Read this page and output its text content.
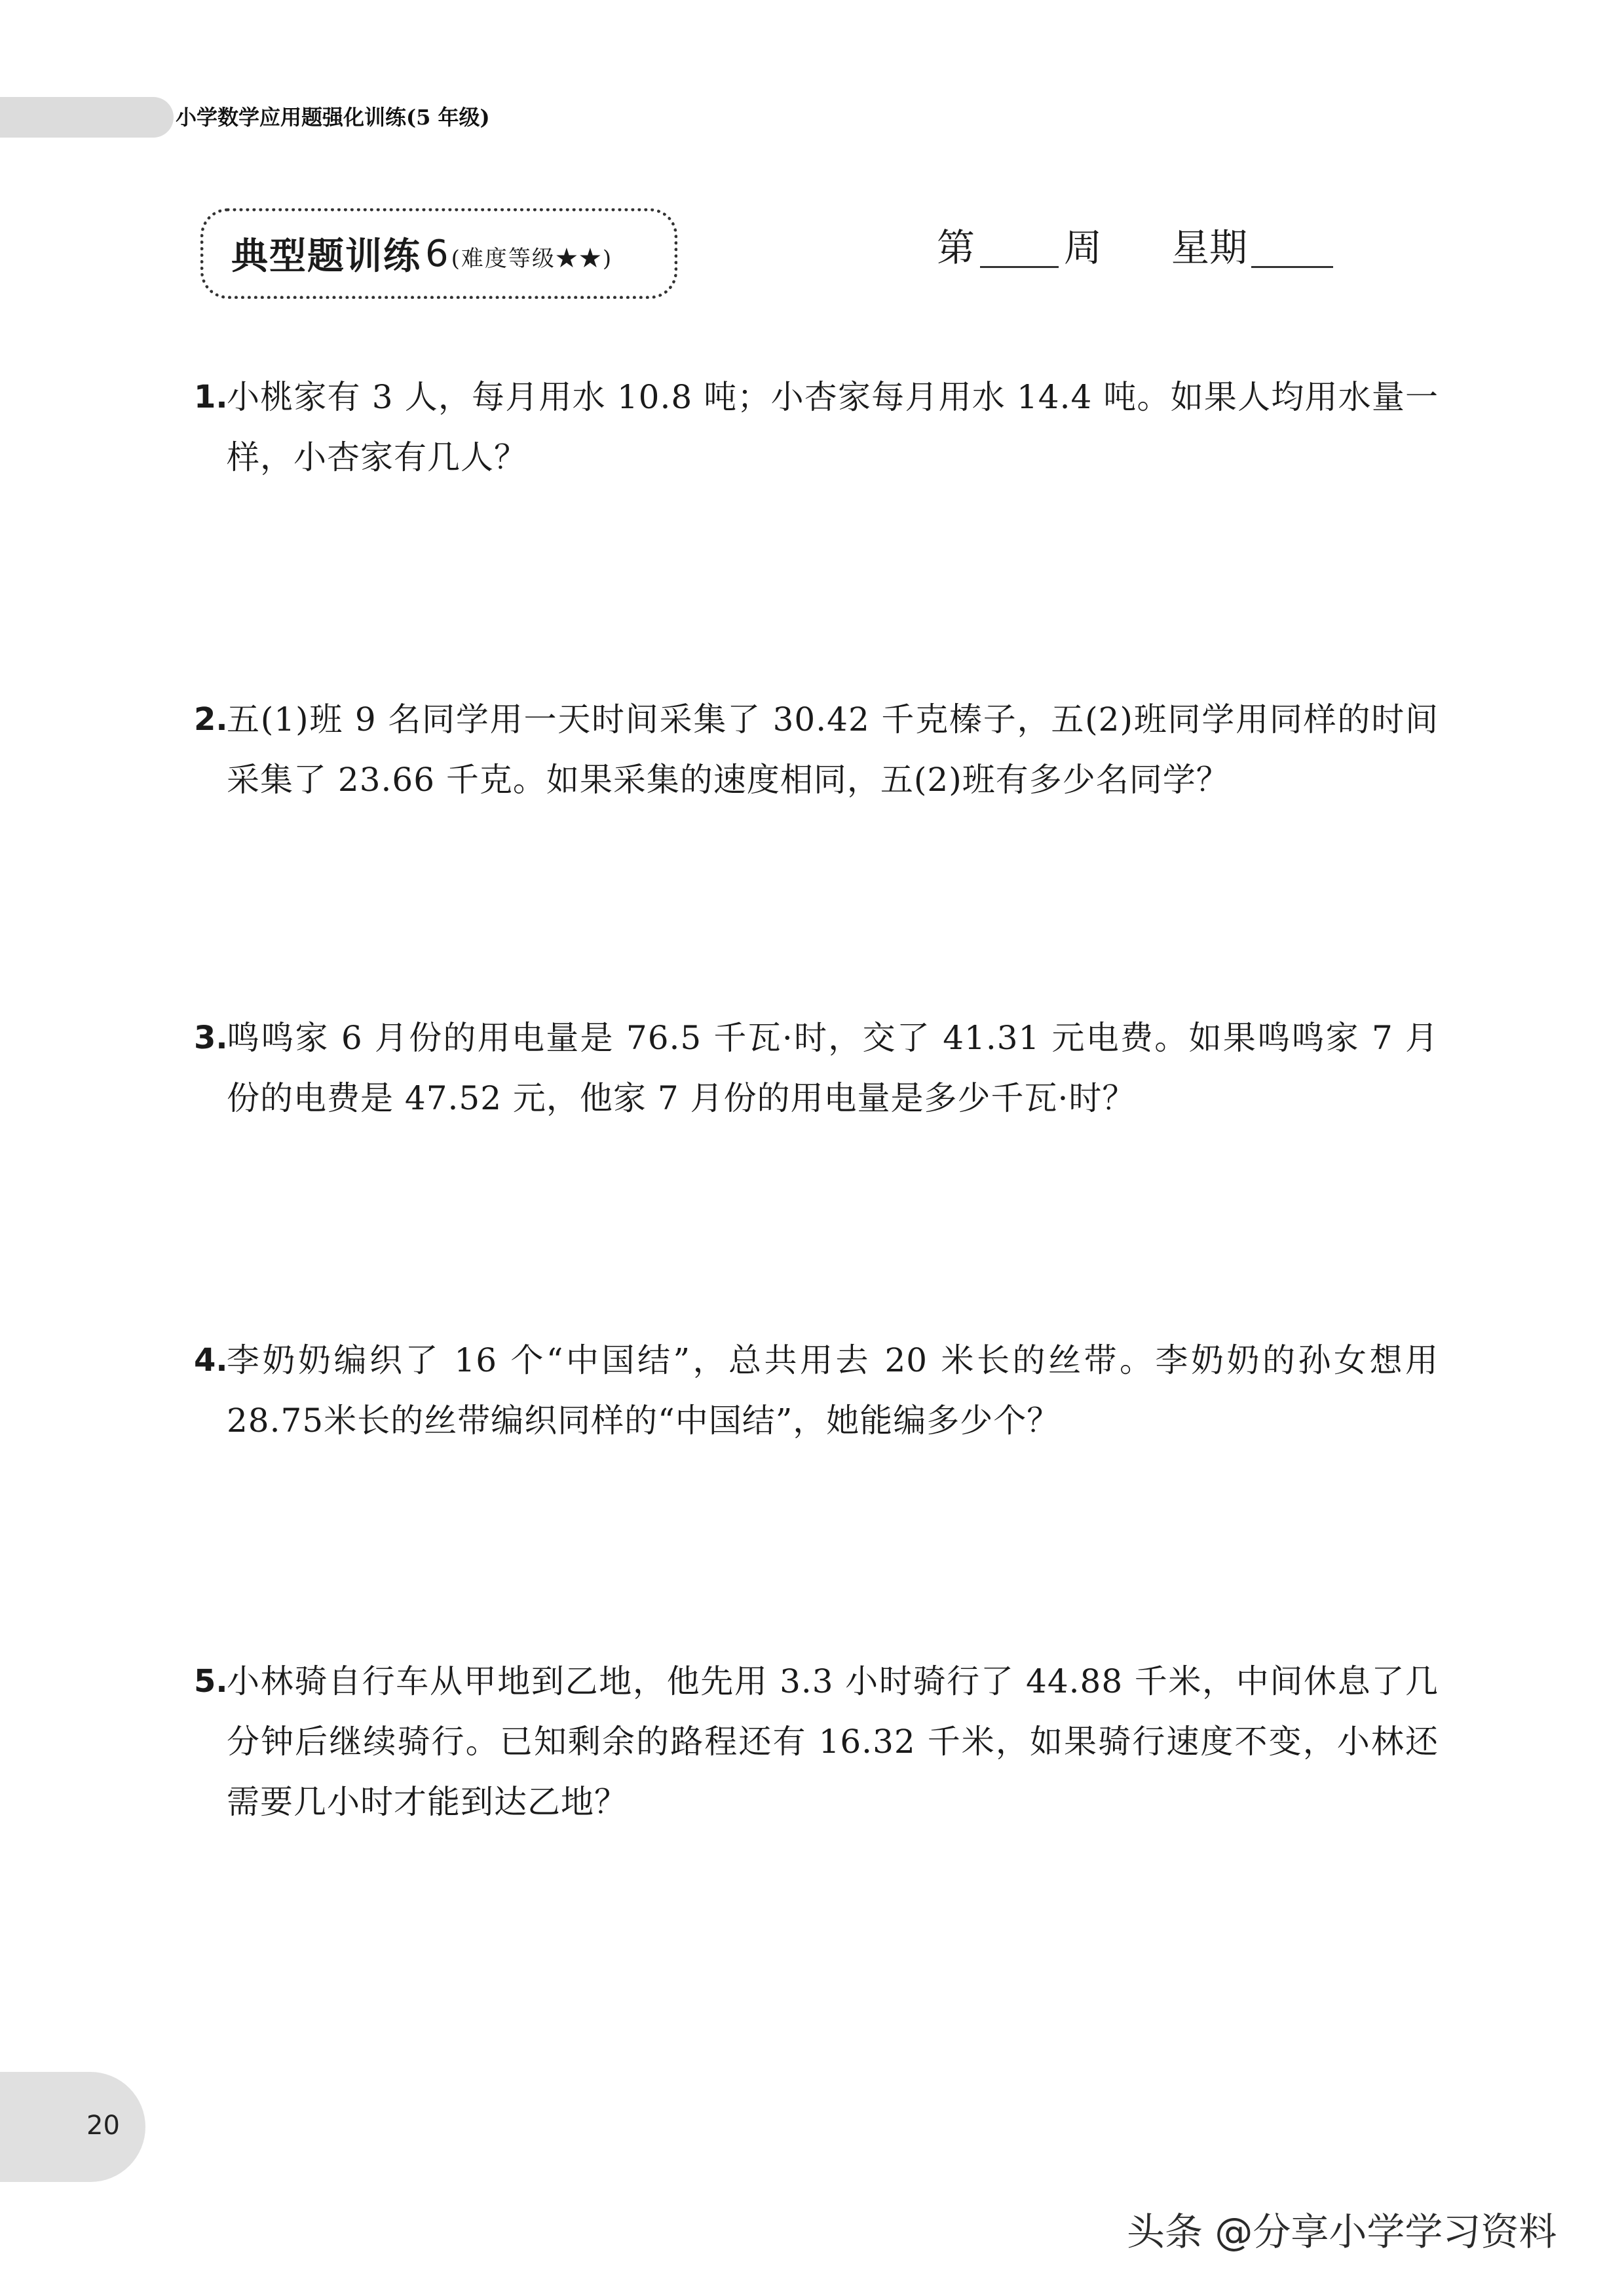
小学数学应用题强化训练(5 年级)
典型题训练 6 (难度等级★★)	第 周 星期
1.
小桃家有 3 人，每月用水 10.8 吨；小杏家每月用水 14.4 吨。如果人均用水量一样，小杏家有几人？
2.
五(1)班 9 名同学用一天时间采集了 30.42 千克榛子，五(2)班同学用同样的时间采集了 23.66 千克。如果采集的速度相同，五(2)班有多少名同学？
3.
鸣鸣家 6 月份的用电量是 76.5 千瓦·时，交了 41.31 元电费。如果鸣鸣家 7 月份的电费是 47.52 元，他家 7 月份的用电量是多少千瓦·时？
4.
李奶奶编织了 16 个“中国结”，总共用去 20 米长的丝带。李奶奶的孙女想用 28.75米长的丝带编织同样的“中国结”，她能编多少个？
5.
小林骑自行车从甲地到乙地，他先用 3.3 小时骑行了 44.88 千米，中间休息了几分钟后继续骑行。已知剩余的路程还有 16.32 千米，如果骑行速度不变，小林还需要几小时才能到达乙地？
20
头条 @分享小学学习资料
